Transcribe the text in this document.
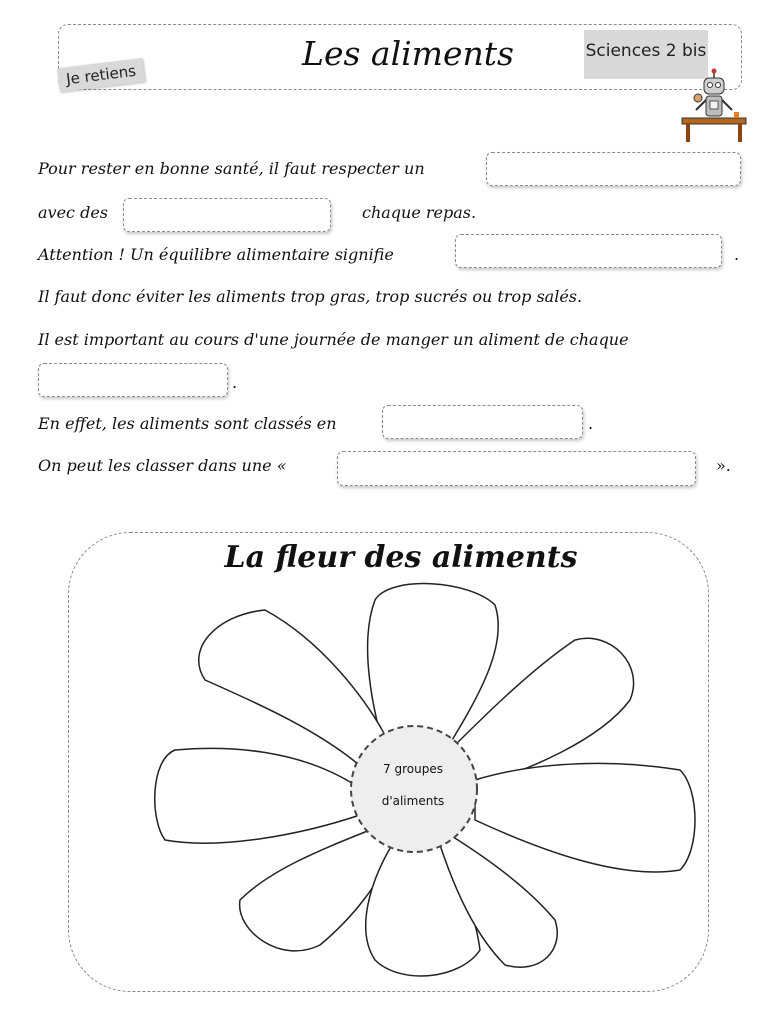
Les aliments	Sciences 2 bis
Je retiens
Pour rester en bonne santé, il faut respecter un
avec des	chaque repas.
Attention ! Un équilibre alimentaire signifie	.
Il faut donc éviter les aliments trop gras, trop sucrés ou trop salés.
Il est important au cours d'une journée de manger un aliment de chaque
.
En effet, les aliments sont classés en	.
On peut les classer dans une «	».
La fleur des aliments
7 groupes
d'aliments
